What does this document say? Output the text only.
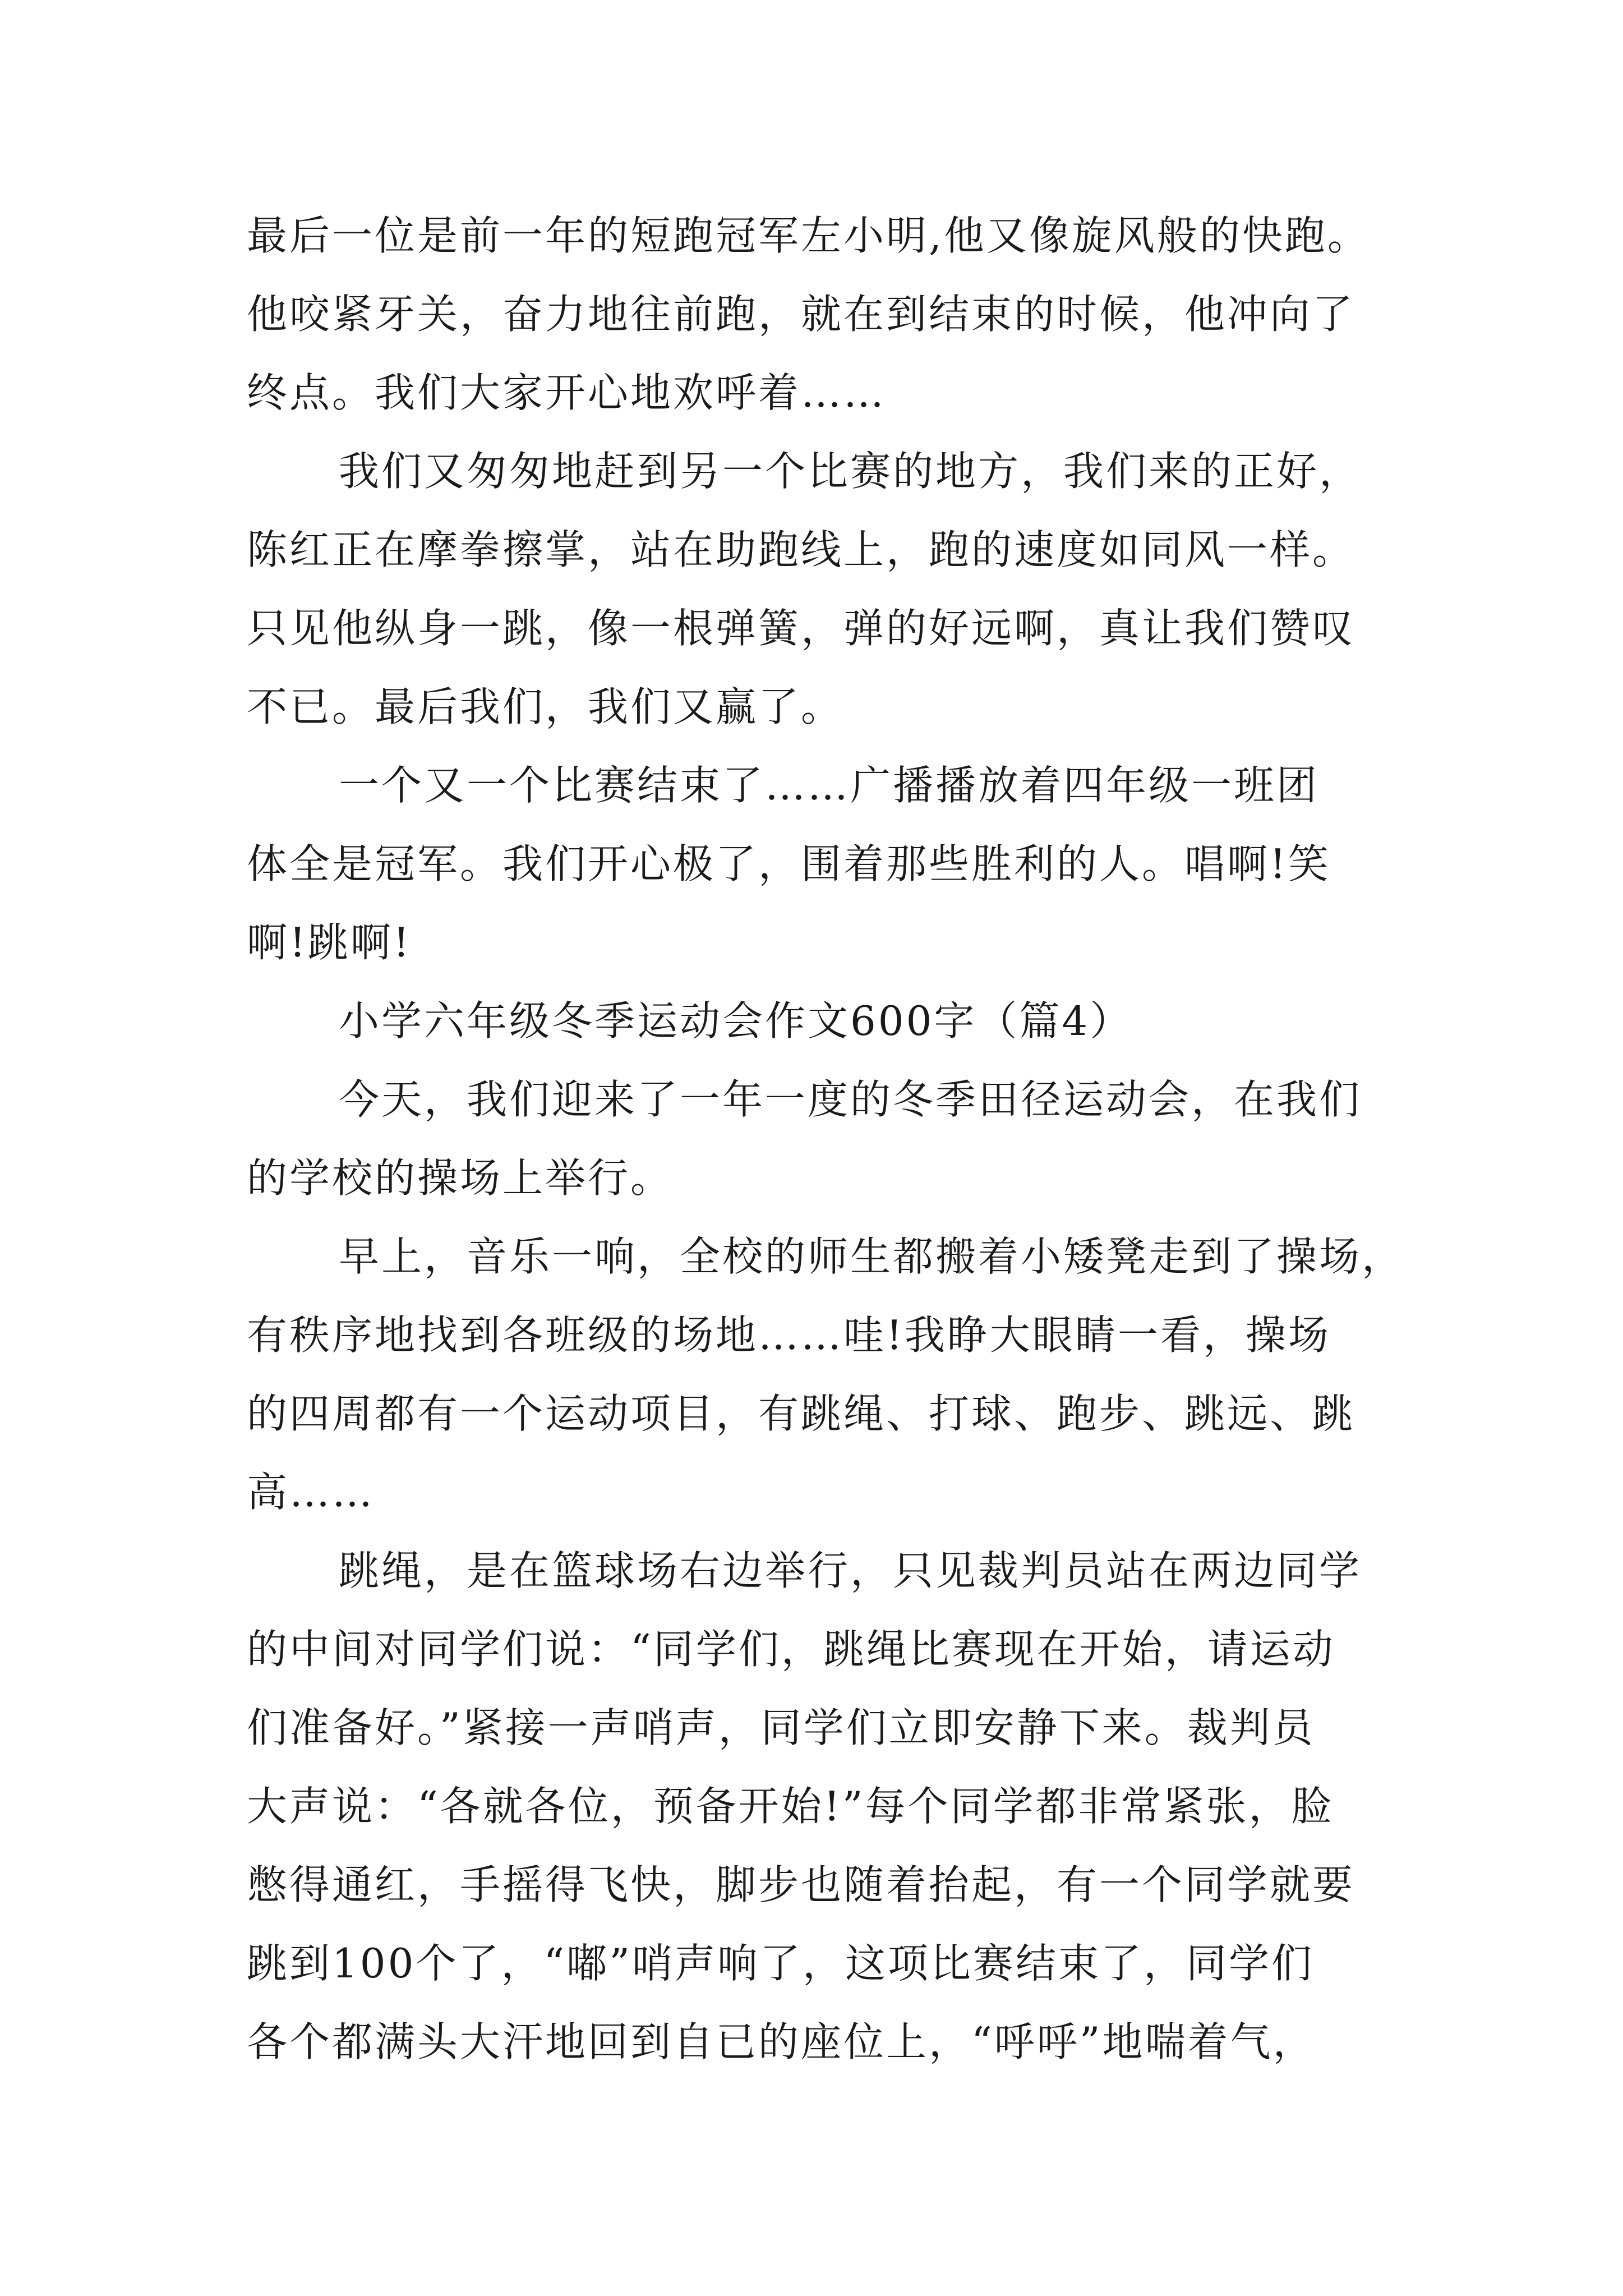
最后一位是前一年的短跑冠军左小明,他又像旋风般的快跑。
他咬紧牙关，奋力地往前跑，就在到结束的时候，他冲向了
终点。我们大家开心地欢呼着……
我们又匆匆地赶到另一个比赛的地方，我们来的正好，
陈红正在摩拳擦掌，站在助跑线上，跑的速度如同风一样。
只见他纵身一跳，像一根弹簧，弹的好远啊，真让我们赞叹
不已。最后我们，我们又赢了。
一个又一个比赛结束了……广播播放着四年级一班团
体全是冠军。我们开心极了，围着那些胜利的人。唱啊!笑
啊!跳啊!
小学六年级冬季运动会作文600字（篇4）
今天，我们迎来了一年一度的冬季田径运动会，在我们
的学校的操场上举行。
早上，音乐一响，全校的师生都搬着小矮凳走到了操场，
有秩序地找到各班级的场地……哇!我睁大眼睛一看，操场
的四周都有一个运动项目，有跳绳、打球、跑步、跳远、跳
高……
跳绳，是在篮球场右边举行，只见裁判员站在两边同学
的中间对同学们说：“同学们，跳绳比赛现在开始，请运动
们准备好。”紧接一声哨声，同学们立即安静下来。裁判员
大声说：“各就各位，预备开始!”每个同学都非常紧张，脸
憋得通红，手摇得飞快，脚步也随着抬起，有一个同学就要
跳到100个了，“嘟”哨声响了，这项比赛结束了，同学们
各个都满头大汗地回到自已的座位上，“呼呼”地喘着气，
